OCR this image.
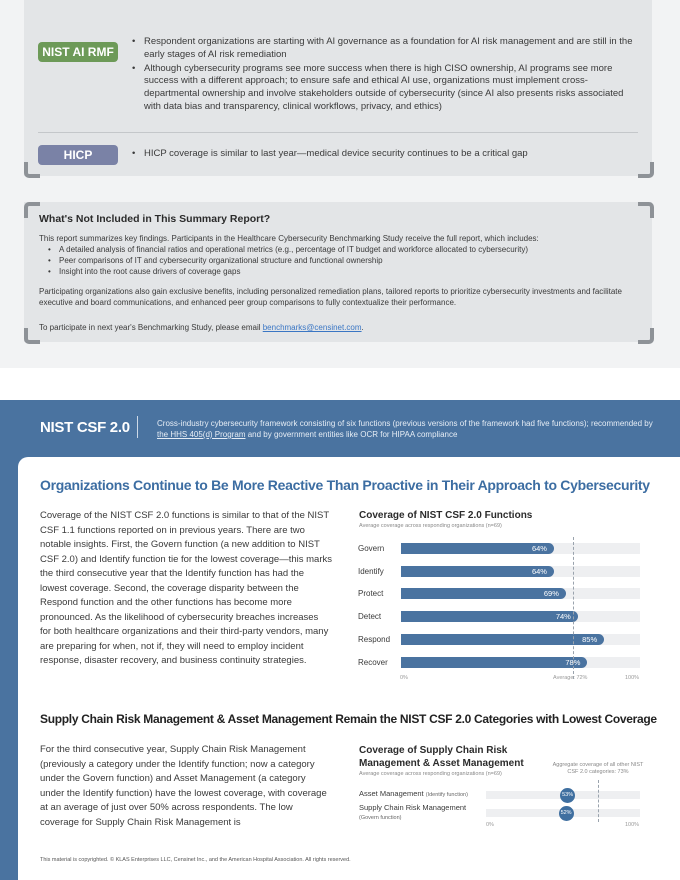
NIST AI RMF
• Respondent organizations are starting with AI governance as a foundation for AI risk management and are still in the early stages of AI risk remediation
• Although cybersecurity programs see more success when there is high CISO ownership, AI programs see more success with a different approach; to ensure safe and ethical AI use, organizations must implement cross-departmental ownership and involve stakeholders outside of cybersecurity (since AI also presents risks associated with data bias and transparency, clinical workflows, privacy, and ethics)
HICP
•	HICP coverage is similar to last year—medical device security continues to be a critical gap
What's Not Included in This Summary Report?
This report summarizes key findings. Participants in the Healthcare Cybersecurity Benchmarking Study receive the full report, which includes:
• A detailed analysis of financial ratios and operational metrics (e.g., percentage of IT budget and workforce allocated to cybersecurity)
• Peer comparisons of IT and cybersecurity organizational structure and functional ownership
• Insight into the root cause drivers of coverage gaps
Participating organizations also gain exclusive benefits, including personalized remediation plans, tailored reports to prioritize cybersecurity investments and facilitate executive and board communications, and enhanced peer group comparisons to fully contextualize their performance.
To participate in next year's Benchmarking Study, please email benchmarks@censinet.com.
NIST CSF 2.0	Cross-industry cybersecurity framework consisting of six functions (previous versions of the framework had five functions); recommended by the HHS 405(d) Program and by government entities like OCR for HIPAA compliance
Organizations Continue to Be More Reactive Than Proactive in Their Approach to Cybersecurity
Coverage of the NIST CSF 2.0 functions is similar to that of the NIST CSF 1.1 functions reported on in previous years. There are two notable insights. First, the Govern function (a new addition to NIST CSF 2.0) and Identify function tie for the lowest coverage—this marks the third consecutive year that the Identify function has had the lowest coverage. Second, the coverage disparity between the Respond function and the other functions has become more pronounced. As the likelihood of cybersecurity breaches increases for both healthcare organizations and their third-party vendors, many are preparing for when, not if, they will need to employ incident response, disaster recovery, and business continuity strategies.
Coverage of NIST CSF 2.0 Functions
Average coverage across responding organizations (n=69)
Govern	64%
Identify	64%
Protect	69%
Detect	74%
Respond	85%
Recover	78%
0%	Average: 72%	100%
Supply Chain Risk Management & Asset Management Remain the NIST CSF 2.0 Categories with Lowest Coverage
For the third consecutive year, Supply Chain Risk Management (previously a category under the Identify function; now a category under the Govern function) and Asset Management (a category under the Identify function) have the lowest coverage, with coverage at an average of just over 50% across respondents. The low coverage for Supply Chain Risk Management is
Coverage of Supply Chain Risk
Management & Asset Management
Average coverage across responding organizations (n=69)
Aggregate coverage of all other NIST CSF 2.0 categories: 73%
Asset Management (Identify function)	53%
Supply Chain Risk Management
(Govern function)
52%
0%	100%
This material is copyrighted. © KLAS Enterprises LLC, Censinet Inc., and the American Hospital Association. All rights reserved.
